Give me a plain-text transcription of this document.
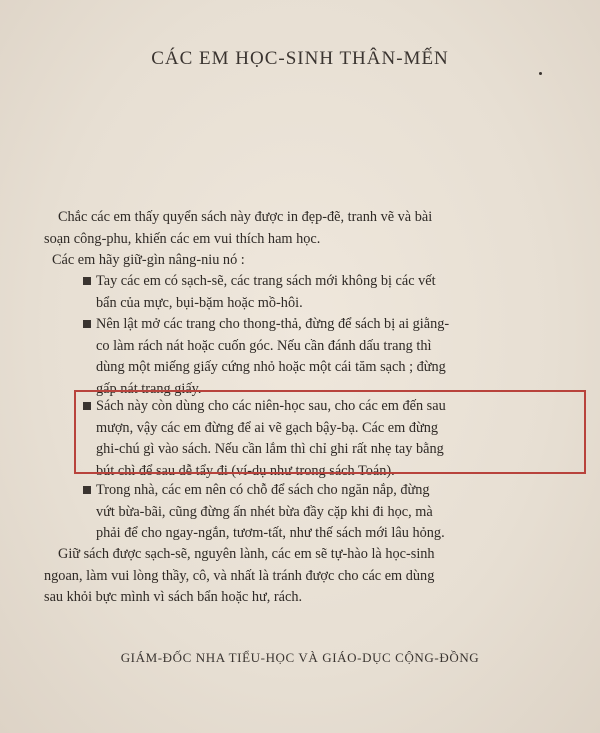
CÁC EM HỌC-SINH THÂN-MẾN
Chắc các em thấy quyển sách này được in đẹp-đẽ, tranh vẽ và bài
soạn công-phu, khiến các em vui thích ham học.
Các em hãy giữ-gìn nâng-niu nó :
Tay các em có sạch-sẽ, các trang sách mới không bị các vết
bẩn của mực, bụi-bặm hoặc mồ-hôi.
Nên lật mở các trang cho thong-thả, đừng để sách bị ai giằng-
co làm rách nát hoặc cuốn góc. Nếu cần đánh dấu trang thì
dùng một miếng giấy cứng nhỏ hoặc một cái tăm sạch ; đừng
gấp nát trang giấy.
Sách này còn dùng cho các niên-học sau, cho các em đến sau
mượn, vậy các em đừng để ai vẽ gạch bậy-bạ. Các em đừng
ghi-chú gì vào sách. Nếu cần lắm thì chỉ ghi rất nhẹ tay bằng
bút chì để sau dễ tẩy đi (ví-dụ như trong sách Toán).
Trong nhà, các em nên có chỗ để sách cho ngăn nắp, đừng
vứt bừa-bãi, cũng đừng ấn nhét bừa đầy cặp khi đi học, mà
phải để cho ngay-ngắn, tươm-tất, như thế sách mới lâu hỏng.
Giữ sách được sạch-sẽ, nguyên lành, các em sẽ tự-hào là học-sinh
ngoan, làm vui lòng thầy, cô, và nhất là tránh được cho các em dùng
sau khỏi bực mình vì sách bẩn hoặc hư, rách.
GIÁM-ĐỐC NHA TIỂU-HỌC VÀ GIÁO-DỤC CỘNG-ĐỒNG
